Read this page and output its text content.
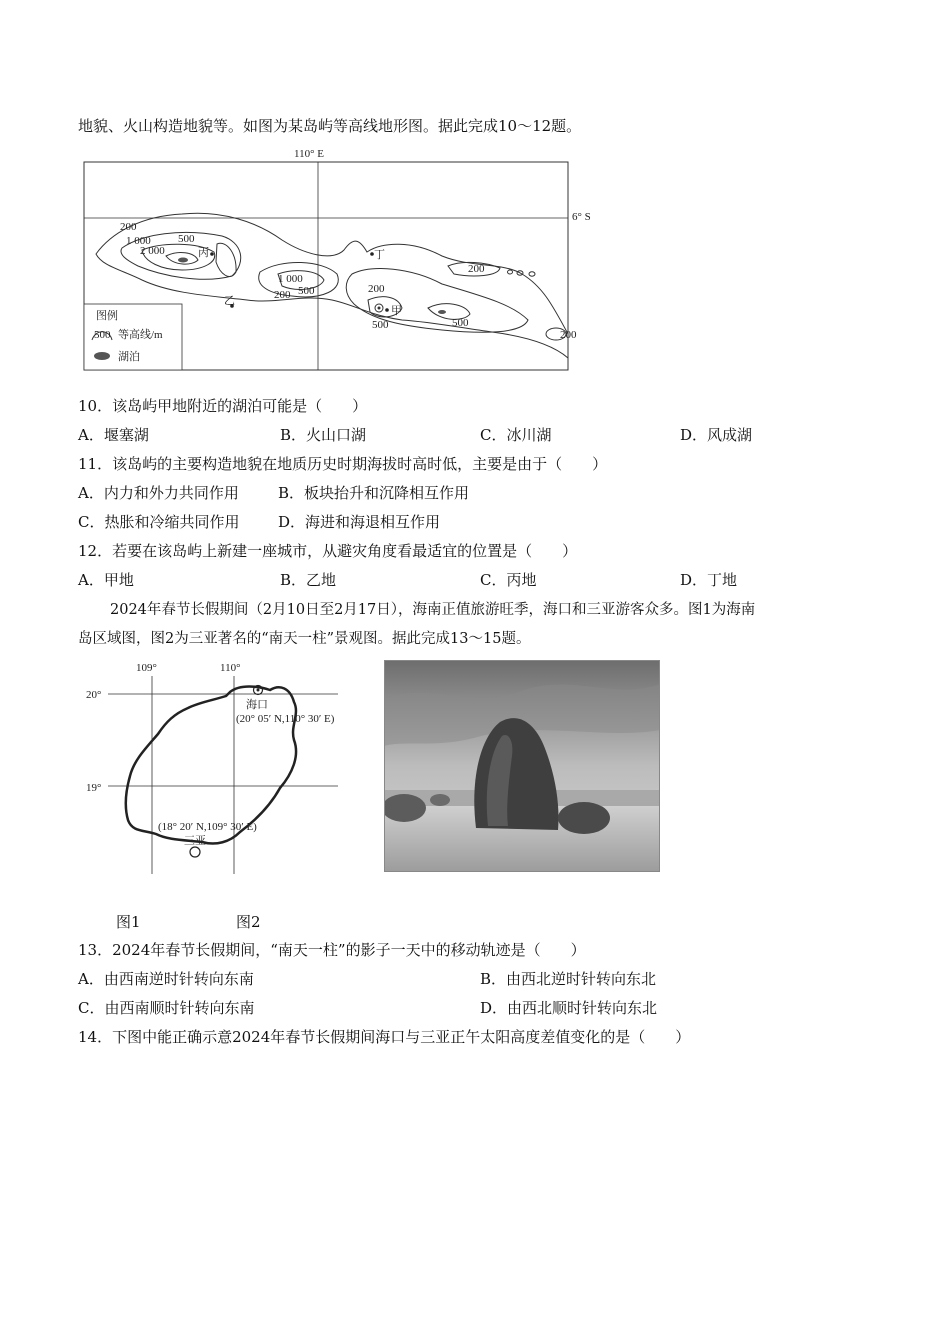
地貌、火山构造地貌等。如图为某岛屿等高线地形图。据此完成10～12题。
110° E
6° S
200
1 000
2 000
500
1 000
200 500	200
200
500	500
200
丙	丁
甲
乙
图例
500 等高线/m
湖泊
10．该岛屿甲地附近的湖泊可能是（　　）
A．堰塞湖	B．火山口湖	C．冰川湖	D．风成湖
11．该岛屿的主要构造地貌在地质历史时期海拔时高时低，主要是由于（　　）
A．内力和外力共同作用	B．板块抬升和沉降相互作用
C．热胀和冷缩共同作用	D．海进和海退相互作用
12．若要在该岛屿上新建一座城市，从避灾角度看最适宜的位置是（　　）
A．甲地	B．乙地	C．丙地	D．丁地
2024年春节长假期间（2月10日至2月17日），海南正值旅游旺季，海口和三亚游客众多。图1为海南
岛区域图，图2为三亚著名的“南天一柱”景观图。据此完成13～15题。
109°	110°
20°
19°
海口
(20° 05′ N,110° 30′ E)
(18° 20′ N,109° 30′ E)
三亚
图1	图2
13．2024年春节长假期间，“南天一柱”的影子一天中的移动轨迹是（　　）
A．由西南逆时针转向东南	B．由西北逆时针转向东北
C．由西南顺时针转向东南	D．由西北顺时针转向东北
14．下图中能正确示意2024年春节长假期间海口与三亚正午太阳高度差值变化的是（　　）
